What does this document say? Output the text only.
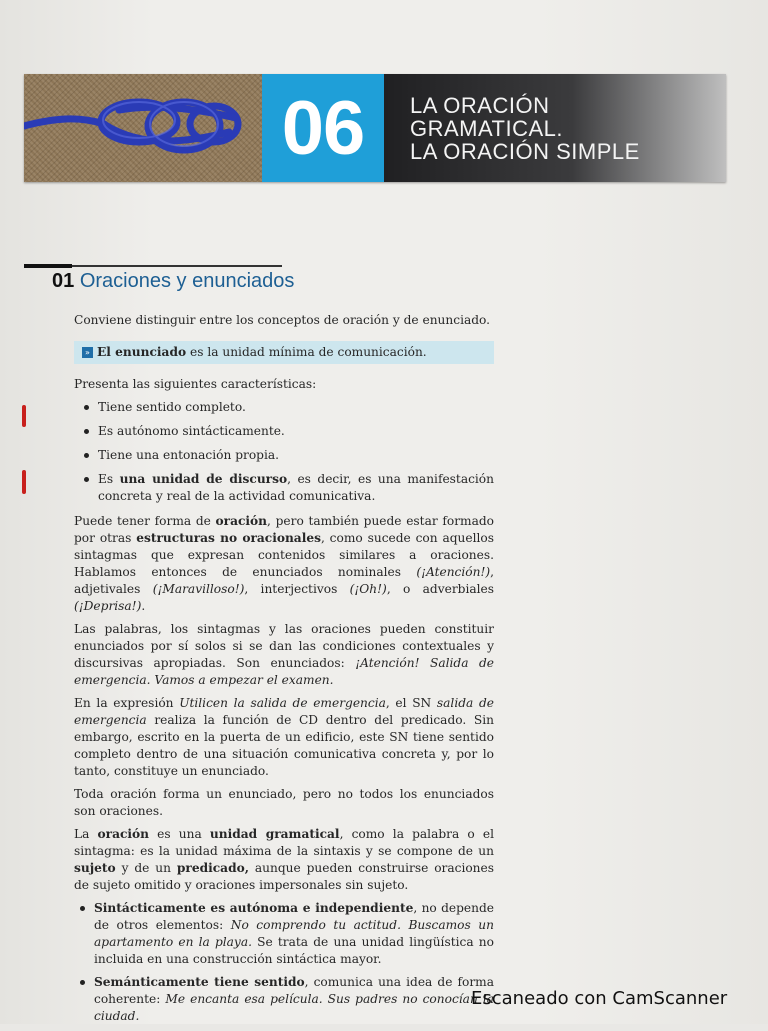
06 LA ORACIÓN
GRAMATICAL.
LA ORACIÓN SIMPLE
01 Oraciones y enunciados

Conviene distinguir entre los conceptos de oración y de enunciado.

» El enunciado es la unidad mínima de comunicación.

Presenta las siguientes características:

Tiene sentido completo.
Es autónomo sintácticamente.
Tiene una entonación propia.
Es una unidad de discurso, es decir, es una manifestación concreta y real de la actividad comunicativa.

Puede tener forma de oración, pero también puede estar formado por otras estructuras no oracionales, como sucede con aquellos sintagmas que expresan contenidos similares a oraciones. Hablamos entonces de enunciados nominales (¡Atención!), adjetivales (¡Maravilloso!), interjectivos (¡Oh!), o adverbiales (¡Deprisa!).

Las palabras, los sintagmas y las oraciones pueden constituir enunciados por sí solos si se dan las condiciones contextuales y discursivas apropiadas. Son enunciados: ¡Atención! Salida de emergencia. Vamos a empezar el examen.

En la expresión Utilicen la salida de emergencia, el SN salida de emergencia realiza la función de CD dentro del predicado. Sin embargo, escrito en la puerta de un edificio, este SN tiene sentido completo dentro de una situación comunicativa concreta y, por lo tanto, constituye un enunciado.

Toda oración forma un enunciado, pero no todos los enunciados son oraciones.

La oración es una unidad gramatical, como la palabra o el sintagma: es la unidad máxima de la sintaxis y se compone de un sujeto y de un predicado, aunque pueden construirse oraciones de sujeto omitido y oraciones impersonales sin sujeto.

Sintácticamente es autónoma e independiente, no depende de otros elementos: No comprendo tu actitud. Buscamos un apartamento en la playa. Se trata de una unidad lingüística no incluida en una construcción sintáctica mayor.
Semánticamente tiene sentido, comunica una idea de forma coherente: Me encanta esa película. Sus padres no conocían la ciudad.
Escaneado con CamScanner
